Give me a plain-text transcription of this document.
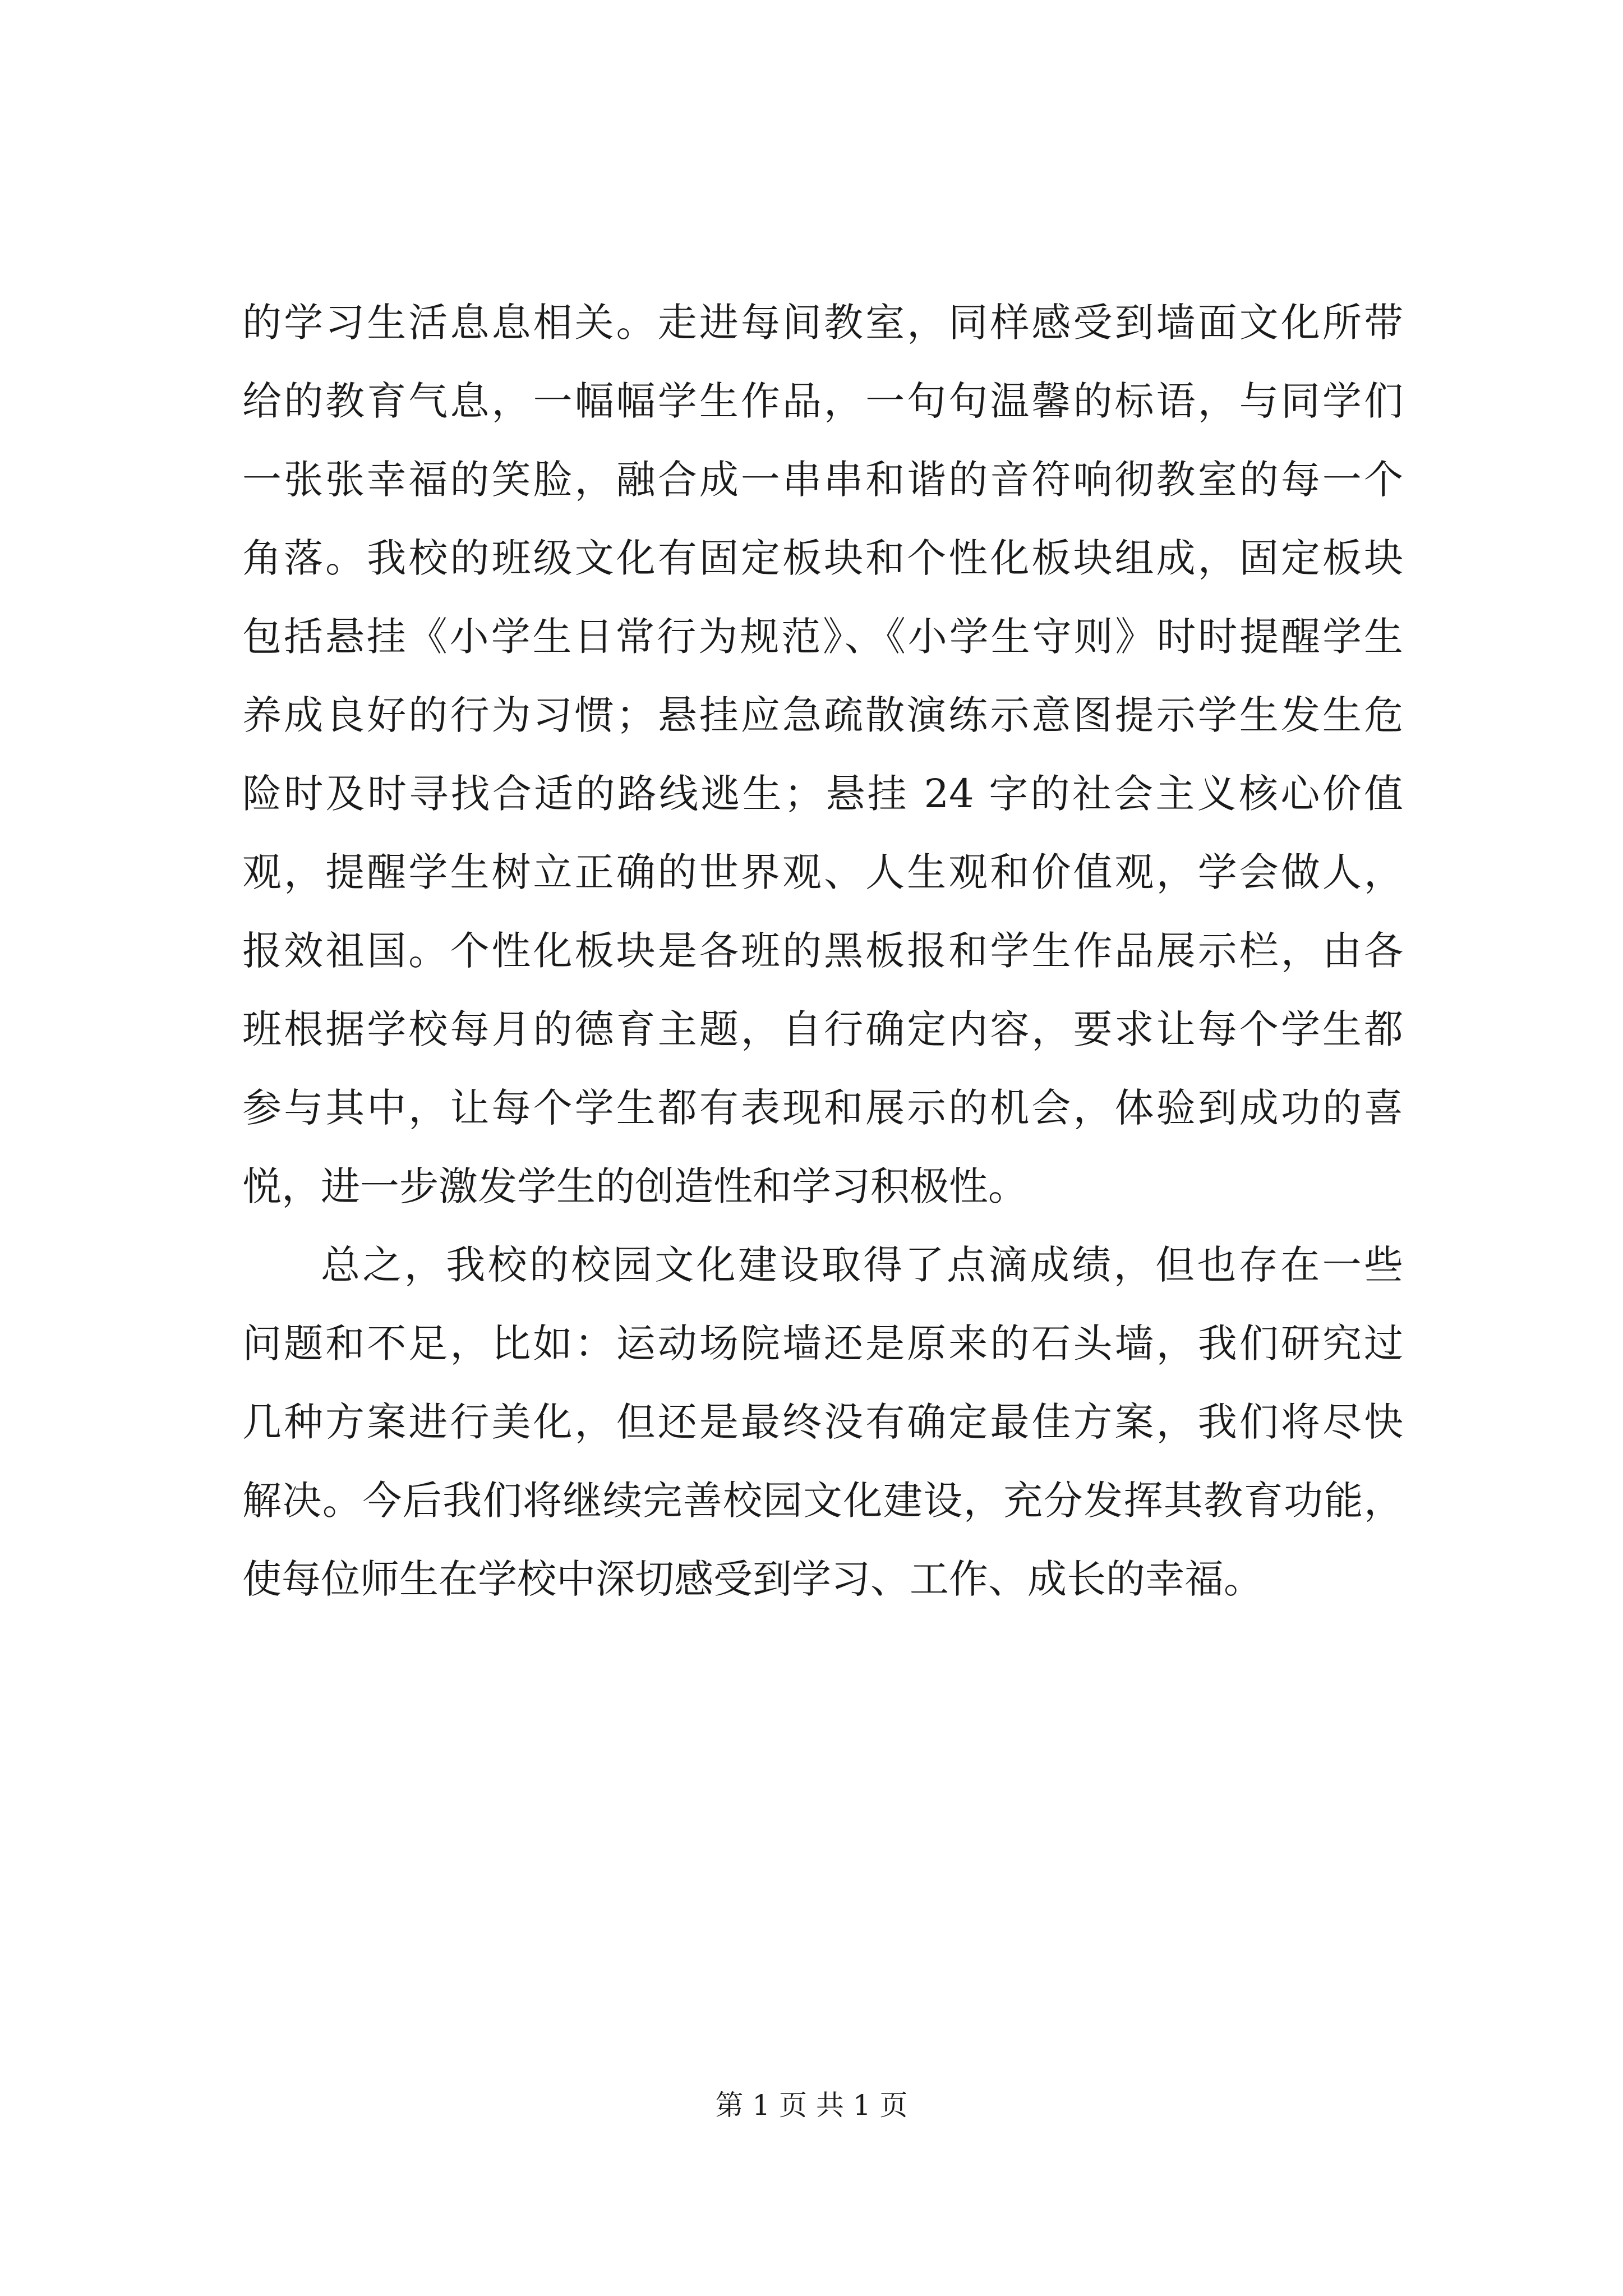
的学习生活息息相关。走进每间教室，同样感受到墙面文化所带
给的教育气息，一幅幅学生作品，一句句温馨的标语，与同学们
一张张幸福的笑脸，融合成一串串和谐的音符响彻教室的每一个
角落。我校的班级文化有固定板块和个性化板块组成，固定板块
包括悬挂《小学生日常行为规范》、《小学生守则》时时提醒学生
养成良好的行为习惯；悬挂应急疏散演练示意图提示学生发生危
险时及时寻找合适的路线逃生；悬挂 24 字的社会主义核心价值
观，提醒学生树立正确的世界观、人生观和价值观，学会做人，
报效祖国。个性化板块是各班的黑板报和学生作品展示栏，由各
班根据学校每月的德育主题，自行确定内容，要求让每个学生都
参与其中，让每个学生都有表现和展示的机会，体验到成功的喜
悦，进一步激发学生的创造性和学习积极性。
总之，我校的校园文化建设取得了点滴成绩，但也存在一些
问题和不足，比如：运动场院墙还是原来的石头墙，我们研究过
几种方案进行美化，但还是最终没有确定最佳方案，我们将尽快
解决。今后我们将继续完善校园文化建设，充分发挥其教育功能，
使每位师生在学校中深切感受到学习、工作、成长的幸福。
第 1 页 共 1 页
